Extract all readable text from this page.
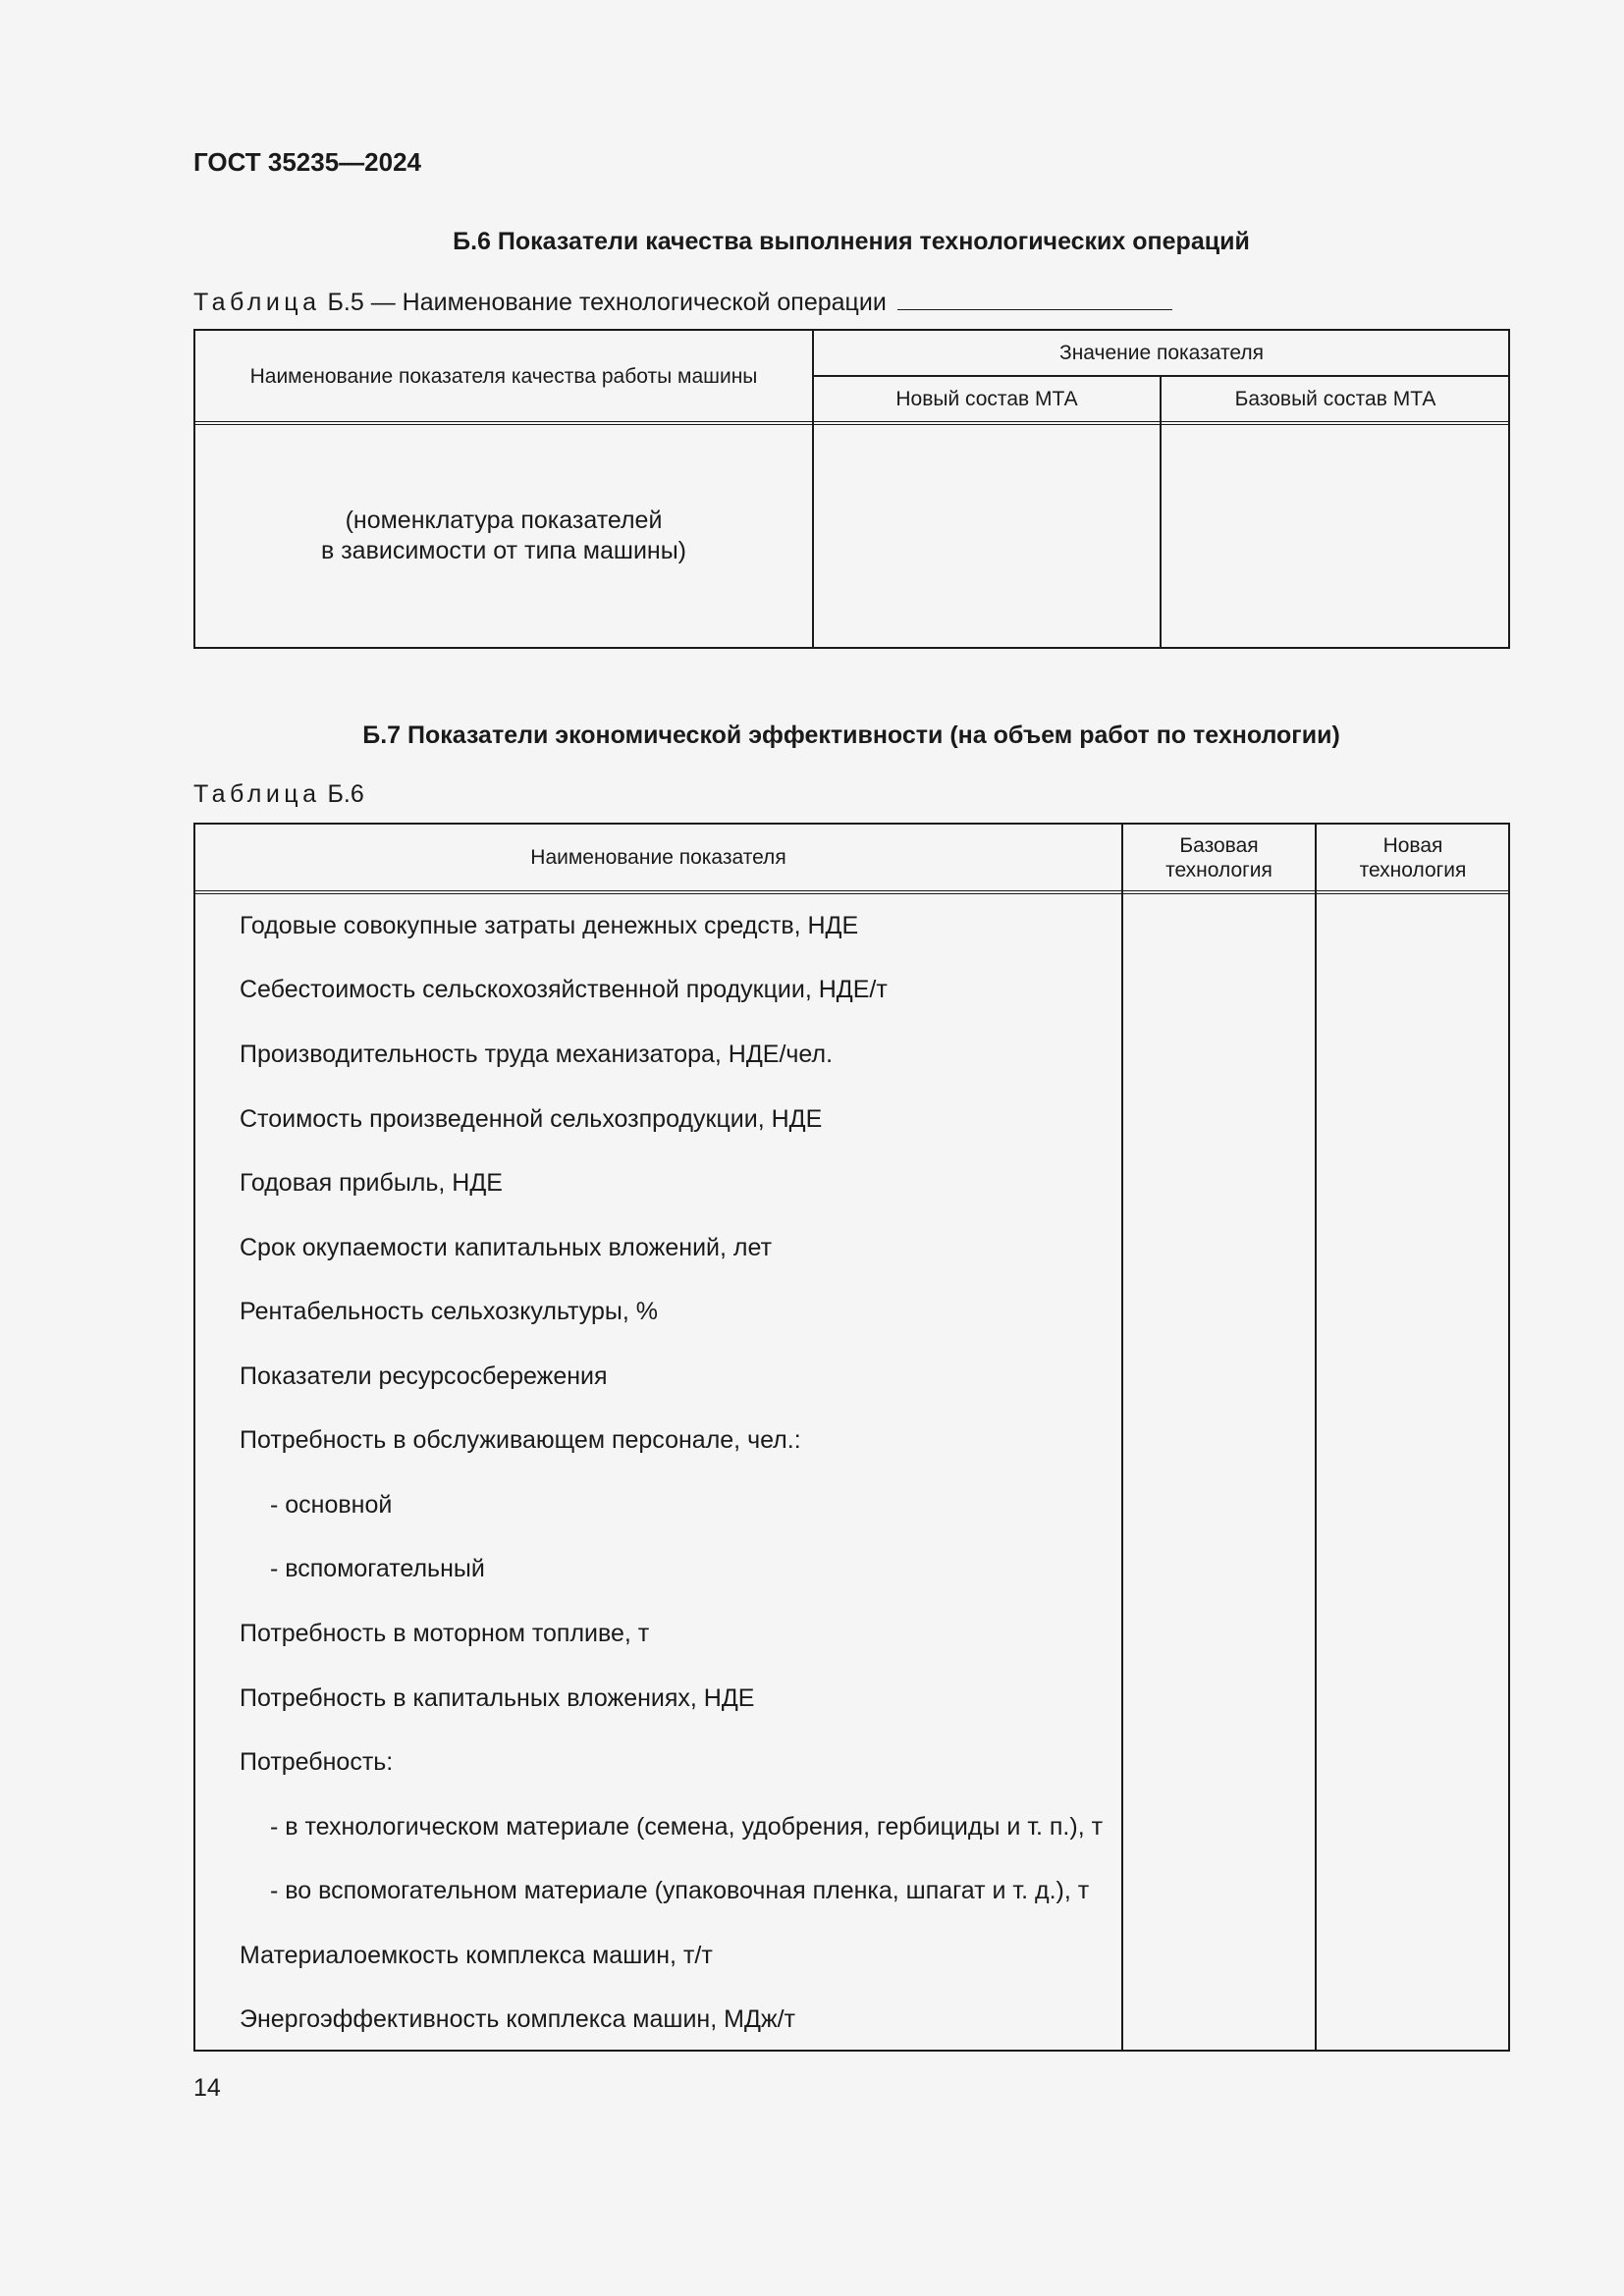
ГОСТ 35235—2024
Б.6 Показатели качества выполнения технологических операций
Таблица Б.5 — Наименование технологической операции
Наименование показателя качества работы машины
Значение показателя
Новый состав МТА	Базовый состав МТА
(номенклатура показателей
в зависимости от типа машины)
Б.7 Показатели экономической эффективности (на объем работ по технологии)
Таблица Б.6
Наименование показателя
Базовая
технология
Новая
технология
Годовые совокупные затраты денежных средств, НДЕ
Себестоимость сельскохозяйственной продукции, НДЕ/т
Производительность труда механизатора, НДЕ/чел.
Стоимость произведенной сельхозпродукции, НДЕ
Годовая прибыль, НДЕ
Срок окупаемости капитальных вложений, лет
Рентабельность сельхозкультуры, %
Показатели ресурсосбережения
Потребность в обслуживающем персонале, чел.:
- основной
- вспомогательный
Потребность в моторном топливе, т
Потребность в капитальных вложениях, НДЕ
Потребность:
- в технологическом материале (семена, удобрения, гербициды и т. п.), т
- во вспомогательном материале (упаковочная пленка, шпагат и т. д.), т
Материалоемкость комплекса машин, т/т
Энергоэффективность комплекса машин, МДж/т
14
